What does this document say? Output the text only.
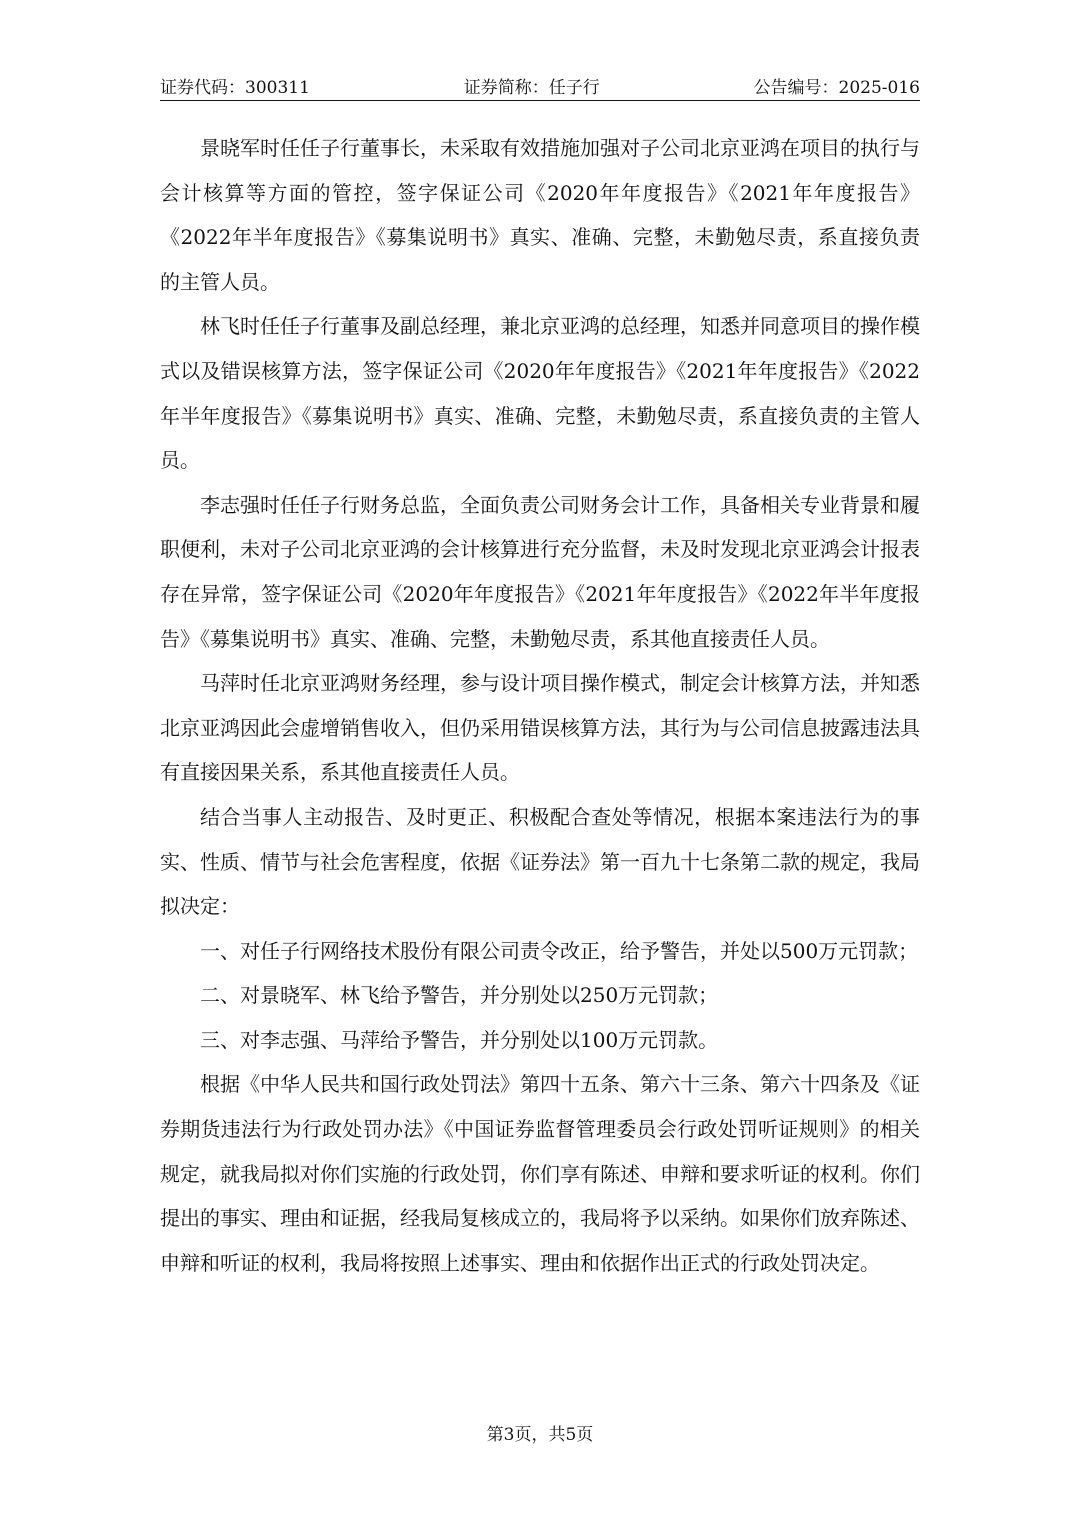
证券代码：300311	证券简称：任子行	公告编号：2025-016

景晓军时任任子行董事长，未采取有效措施加强对子公司北京亚鸿在项目的执行与会计核算等方面的管控，签字保证公司《2020年年度报告》《2021年年度报告》《2022年半年度报告》《募集说明书》真实、准确、完整，未勤勉尽责，系直接负责的主管人员。

林飞时任任子行董事及副总经理，兼北京亚鸿的总经理，知悉并同意项目的操作模式以及错误核算方法，签字保证公司《2020年年度报告》《2021年年度报告》《2022年半年度报告》《募集说明书》真实、准确、完整，未勤勉尽责，系直接负责的主管人员。

李志强时任任子行财务总监，全面负责公司财务会计工作，具备相关专业背景和履职便利，未对子公司北京亚鸿的会计核算进行充分监督，未及时发现北京亚鸿会计报表存在异常，签字保证公司《2020年年度报告》《2021年年度报告》《2022年半年度报告》《募集说明书》真实、准确、完整，未勤勉尽责，系其他直接责任人员。

马萍时任北京亚鸿财务经理，参与设计项目操作模式，制定会计核算方法，并知悉北京亚鸿因此会虚增销售收入，但仍采用错误核算方法，其行为与公司信息披露违法具有直接因果关系，系其他直接责任人员。

结合当事人主动报告、及时更正、积极配合查处等情况，根据本案违法行为的事实、性质、情节与社会危害程度，依据《证券法》第一百九十七条第二款的规定，我局拟决定：

一、对任子行网络技术股份有限公司责令改正，给予警告，并处以500万元罚款；

二、对景晓军、林飞给予警告，并分别处以250万元罚款；

三、对李志强、马萍给予警告，并分别处以100万元罚款。

根据《中华人民共和国行政处罚法》第四十五条、第六十三条、第六十四条及《证券期货违法行为行政处罚办法》《中国证券监督管理委员会行政处罚听证规则》的相关规定，就我局拟对你们实施的行政处罚，你们享有陈述、申辩和要求听证的权利。你们提出的事实、理由和证据，经我局复核成立的，我局将予以采纳。如果你们放弃陈述、申辩和听证的权利，我局将按照上述事实、理由和依据作出正式的行政处罚决定。

第3页，共5页
